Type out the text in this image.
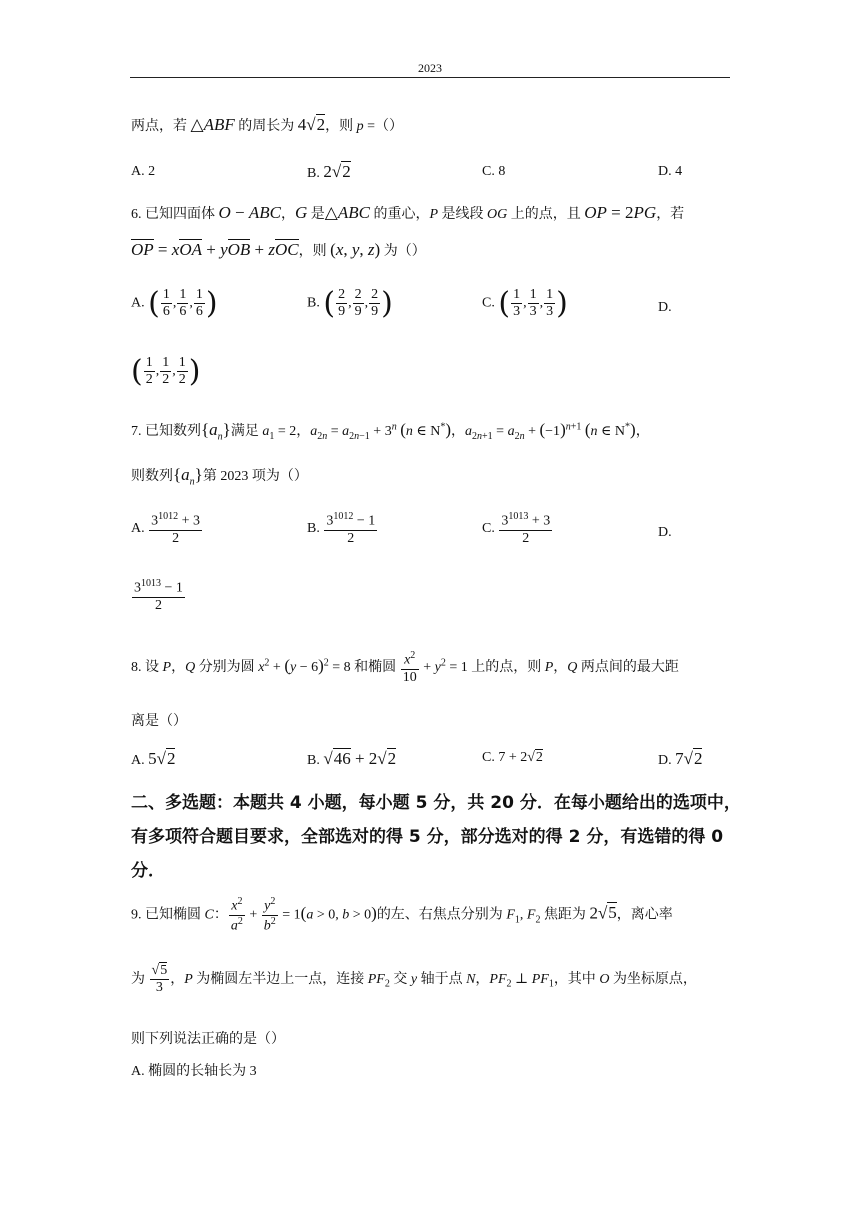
2023
两点，若 △ABF 的周长为 4√2，则 p =（）
A. 2	B. 2√2	C. 8	D. 4
6. 已知四面体 O − ABC，G 是△ABC 的重心，P 是线段 OG 上的点，且 OP = 2PG，若
OP = xOA + yOB + zOC，则 (x, y, z) 为（）
A. ( $\frac{1}{6}$ , $\frac{1}{6}$ , $\frac{1}{6}$ )	B. ( $\frac{2}{9}$ , $\frac{2}{9}$ , $\frac{2}{9}$ )	C. ( $\frac{1}{3}$ , $\frac{1}{3}$ , $\frac{1}{3}$ )	D.
( $\frac{1}{2}$ , $\frac{1}{2}$ , $\frac{1}{2}$ )
7. 已知数列$\{a_n\}$满足 $a_1 = 2$，$a_{2n} = a_{2n-1} + 3^n$ (n ∈ N*)，$a_{2n+1} = a_{2n} + (-1)^{n+1}$ (n ∈ N*)，
则数列$\{a_n\}$第 2023 项为（）
A. $\frac{3^{1012} + 3}{2}$	B. $\frac{3^{1012} - 1}{2}$	C. $\frac{3^{1013} + 3}{2}$	D.
$\frac{3^{1013} - 1}{2}$
8. 设 P，Q 分别为圆 $x^2 + (y - 6)^2 = 8$ 和椭圆 $\frac{x^2}{10} + y^2 = 1$ 上的点，则 P，Q 两点间的最大距
离是（）
A. 5√2	B. √46 + 2√2	C. 7 + 2√2	D. 7√2
二、多选题：本题共 4 小题，每小题 5 分，共 20 分．在每小题给出的选项中，
有多项符合题目要求，全部选对的得 5 分，部分选对的得 2 分，有选错的得 0
分．
9. 已知椭圆 C： $\frac{x^2}{a^2} + \frac{y^2}{b^2} = 1(a > 0$, b > 0)的左、右焦点分别为 $F_1$, $F_2$ 焦距为 2√5，离心率
为 $\frac{√5}{3}$ ，P 为椭圆左半边上一点，连接 $PF_2$ 交 y 轴于点 N，$PF_2$ ⊥ $PF_1$，其中 O 为坐标原点，
则下列说法正确的是（）
A. 椭圆的长轴长为 3
